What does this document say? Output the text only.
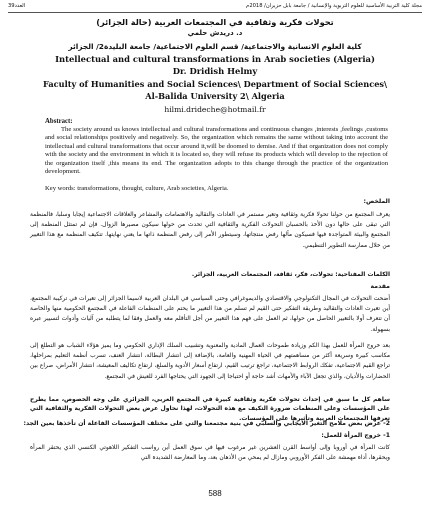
العدد39	مجلة كلية التربية الأساسية للعلوم التربوية والإنسانية / جامعة بابل حزيران/ 2018م
تحولات فكرية وثقافية في المجتمعات العربية (حالة الجزائر)
د. دريدش حلمي
كلية العلوم الانسانية والاجتماعية/ قسم العلوم الاجتماعية/ جامعة البليدة2/ الجزائر
Intellectual and cultural transformations in Arab societies (Algeria)
Dr. Dridish Helmy
Faculty of Humanities and Social Sciences\ Department of Social Sciences\
Al-Balida University 2\ Algeria
hilmi.drideche@hotmail.fr
Abstract:
The society around us knows intellectual and cultural transformations and continuous changes ,interests ,feelings ,customs and social relationships positively and negatively. So, the organization which remains the same without taking into account the intellectual and cultural transformations that occur around it,will be doomed to demise. And if that organization does not comply with the society and the environment in which it is located so, they will refuse its products which will develop to the rejection of the organization itself ,this means its end. The organization adopts to this change through the practice of the organization development.
Key words: transformations, thought, culture, Arab societies, Algeria.
الملخص:
يعرف المجتمع من حولنا تحولا فكرية وثقافية وتغير مستمر في العادات والتقاليد والاهتمامات والمشاعر والعلاقات الاجتماعية إيجابا وسلبا، فالمنظمة التي تبقى على حالها دون الأخذ بالحسبان التحولات الفكرية والثقافية التي تحدث من حولها سيكون مصيرها الزوال. فإن لم تمتثل المنظمة إلى المجتمع والبيئة المتواجدة فيها فسيكون مآلها رفض منتجاتها، وسيتطور الأمر إلى رفض المنظمة ذاتها ما يعني نهايتها. تتكيف المنظمة مع هذا التغيير من خلال ممارسة التطوير التنظيمي.
الكلمات المفتاحية: تحولات، فكر، ثقافة، المجتمعات العربية، الجزائر.
مقدمة
أضحت التحولات في المجال التكنولوجي والاقتصادي والديموغرافي وحتى السياسي في البلدان العربية لاسيما الجزائر إلى تغيرات في تركيبة المجتمع، أين تغيرت العادات والتقاليد وطريقة التفكير حتى القيم لم تسلم من هذا التغيير ما يحتم على المنظمات الفاعلة في المجتمع الحكومية منها والخاصة أن تتعرف أولا بالتغيير الحاصل من حولها، ثم العمل على فهم هذا التغيير من أجل التأقلم معه والعمل وفقا لما يتطلبه من آليات وأدوات لتسيير عبره بسهولة.
بعد خروج المرأة للعمل بهذا الكم وزيادة طموحات العمال المادية والمعنوية وتشبيب السلك الإداري الحكومي وما يميز هؤلاء الشباب هو التطلع إلى مكاسب كبيرة وسريعة أكثر من مساهمتهم في الحياة المهنية والعامة، بالإضافة إلى انتشار البطالة، انتشار العنف، تسرب أنظمة التعليم بمراحلها، تراجع القيم الاجتماعية، تفكك الروابط الاجتماعية، تراجع ترتيب القيم، ارتفاع أسعار الأدوية والسلع، ارتفاع تكاليف المعيشة، انتشار الأمراض، صراع بين الحضارات والأديان، والذي تجعل الآباء والأمهات أشد حاجة أو احتياجا إلى الجهود التي يحتاجها الفرد للعيش في المجتمع.
ساهم كل ما سبق في إحداث تحولات فكرية وثقافية كبيرة في المجتمع العربي، الجزائري على وجه الخصوص، مما يطرح على المؤسسات وعلى المنظمات ضرورة التكيف مع هذه التحولات، لهذا نحاول عرض بعض التحولات الفكرية والثقافية التي تعرفها المجتمعات العربية وتأثيرها على المؤسسات.
2- عرض بعض ملامح التغير الايجابي والسلبي في بنية مجتمعنا والتي على مختلف المؤسسات الفاعلة أن تأخذها بعين الجد:
1- خروج المرأة للعمل:
كانت المرأة في أوروبا وإلى أواسط القرن العشرين غير مرغوب فيها في سوق العمل أين رواسب التفكير اللاهوتي الكنسي الذي يحتقر المرأة ويحقرها، أداة مهمشة على الفكر الأوروبي ومازال لم يمحي من الأذهان بعد، وما المعارضة الشديدة التي
588
